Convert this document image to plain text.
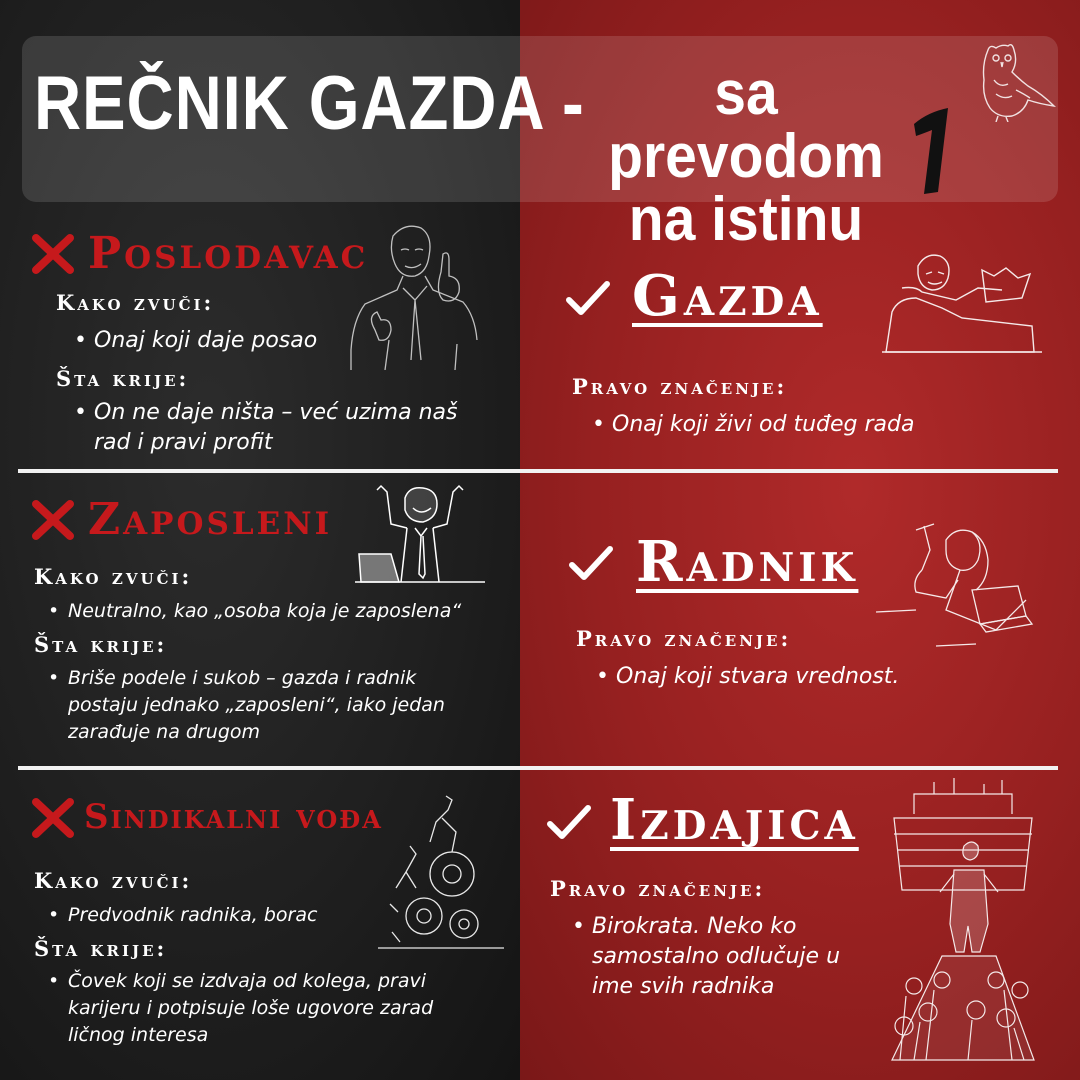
REČNIK GAZDA -	sa prevodom na istinu
Poslodavac
Kako zvuči:
• Onaj koji daje posao
Šta krije:
• On ne daje ništa – već uzima naš rad i pravi profit
Gazda
Pravo značenje:
• Onaj koji živi od tuđeg rada
Zaposleni
Kako zvuči:
• Neutralno, kao „osoba koja je zaposlena“
Šta krije:
• Briše podele i sukob – gazda i radnik postaju jednako „zaposleni“, iako jedan zarađuje na drugom
Radnik
Pravo značenje:
• Onaj koji stvara vrednost.
Sindikalni vođa
Kako zvuči:
• Predvodnik radnika, borac
Šta krije:
• Čovek koji se izdvaja od kolega, pravi karijeru i potpisuje loše ugovore zarad ličnog interesa
Izdajica
Pravo značenje:
• Birokrata. Neko ko samostalno odlučuje u ime svih radnika
